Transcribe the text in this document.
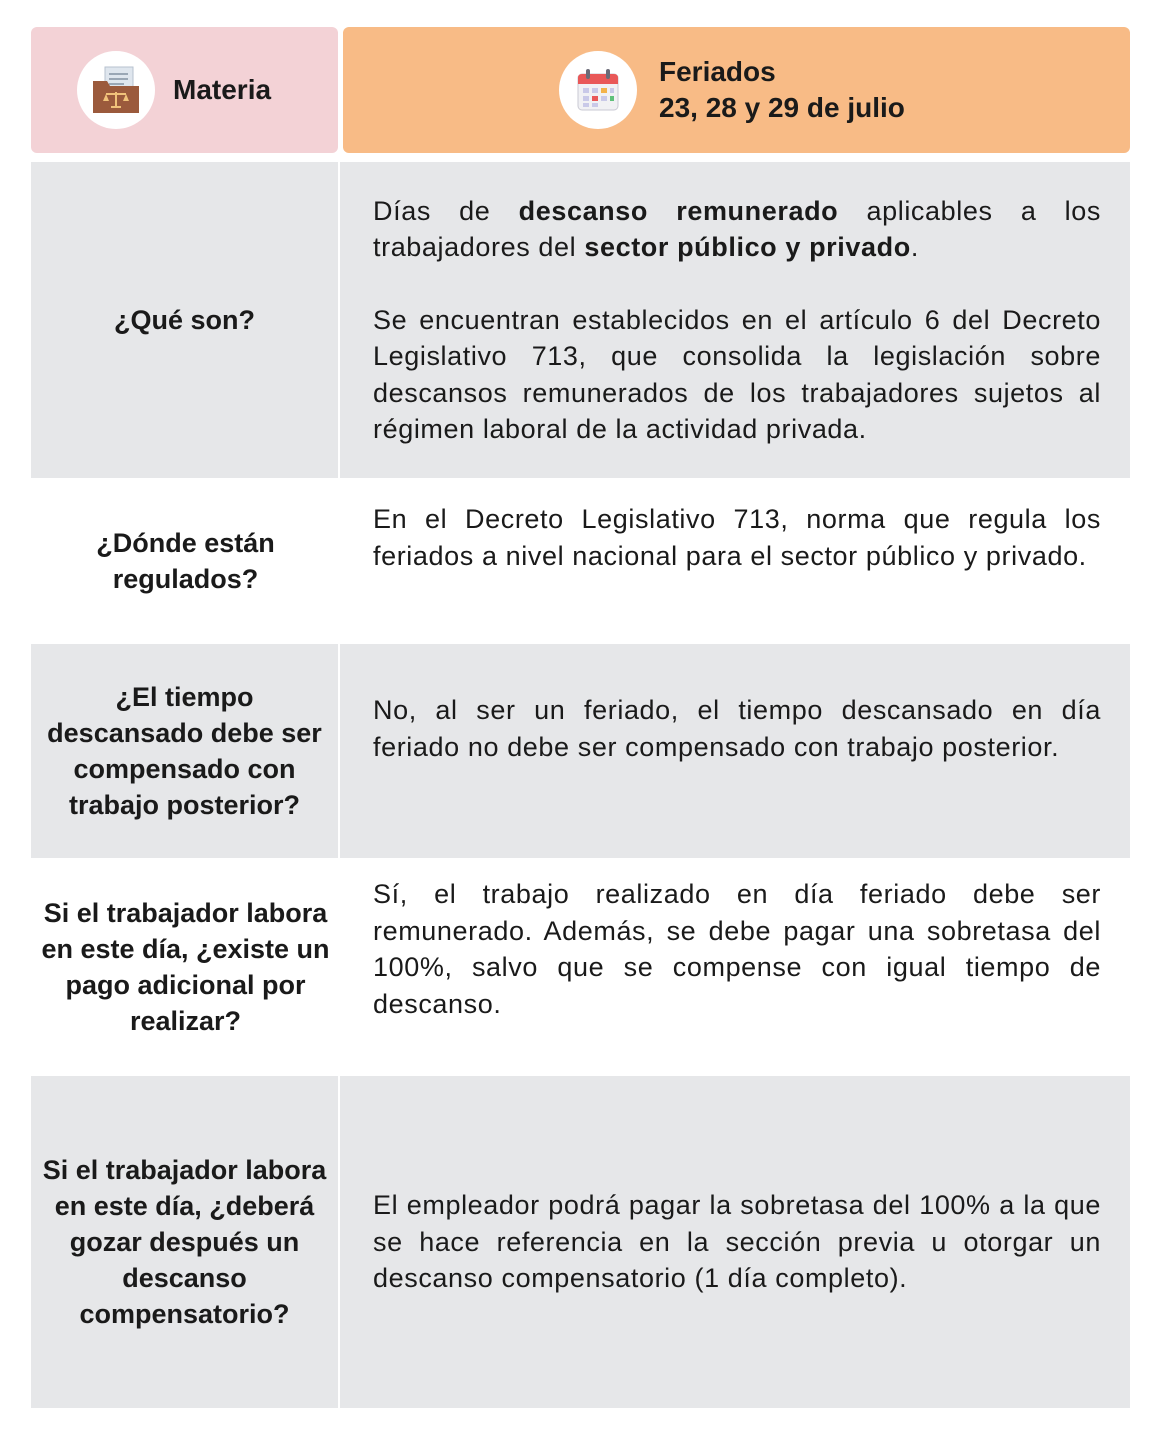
Materia
Feriados
23, 28 y 29 de julio
¿Qué son?

Días de descanso remunerado aplicables a los trabajadores del sector público y privado.

Se encuentran establecidos en el artículo 6 del Decreto Legislativo 713, que consolida la legislación sobre descansos remunerados de los trabajadores sujetos al régimen laboral de la actividad privada.

¿Dónde están regulados?
En el Decreto Legislativo 713, norma que regula los feriados a nivel nacional para el sector público y privado.
¿El tiempo descansado debe ser compensado con trabajo posterior?
No, al ser un feriado, el tiempo descansado en día feriado no debe ser compensado con trabajo posterior.
Si el trabajador labora en este día, ¿existe un pago adicional por realizar?
Sí, el trabajo realizado en día feriado debe ser remunerado. Además, se debe pagar una sobretasa del 100%, salvo que se compense con igual tiempo de descanso.
Si el trabajador labora en este día, ¿deberá gozar después un descanso compensatorio?
El empleador podrá pagar la sobretasa del 100% a la que se hace referencia en la sección previa u otorgar un descanso compensatorio (1 día completo).
